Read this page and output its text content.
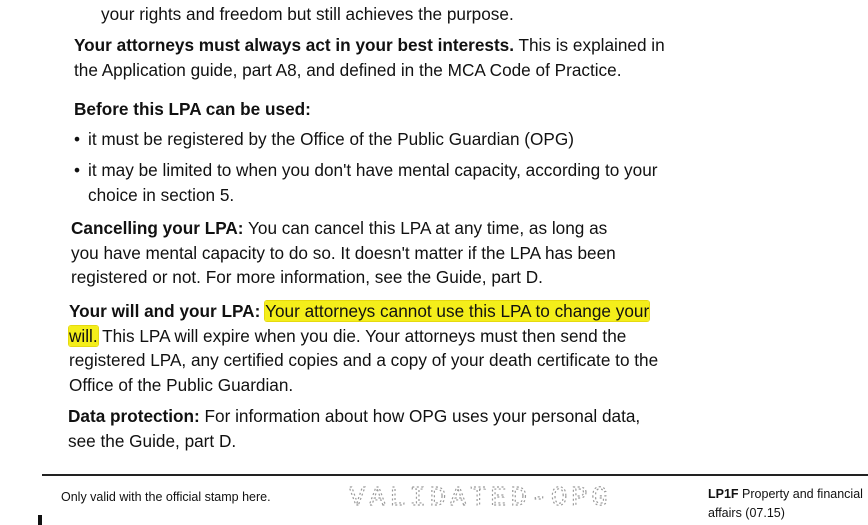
your rights and freedom but still achieves the purpose.

Your attorneys must always act in your best interests. This is explained in
the Application guide, part A8, and defined in the MCA Code of Practice.

Before this LPA can be used:

• it must be registered by the Office of the Public Guardian (OPG)
• it may be limited to when you don't have mental capacity, according to your
choice in section 5.

Cancelling your LPA: You can cancel this LPA at any time, as long as
you have mental capacity to do so. It doesn't matter if the LPA has been
registered or not. For more information, see the Guide, part D.

Your will and your LPA: Your attorneys cannot use this LPA to change your
will. This LPA will expire when you die. Your attorneys must then send the
registered LPA, any certified copies and a copy of your death certificate to the
Office of the Public Guardian.

Data protection: For information about how OPG uses your personal data,
see the Guide, part D.

Only valid with the official stamp here.	VALIDATED-OPG	LP1F Property and financial
affairs (07.15)
